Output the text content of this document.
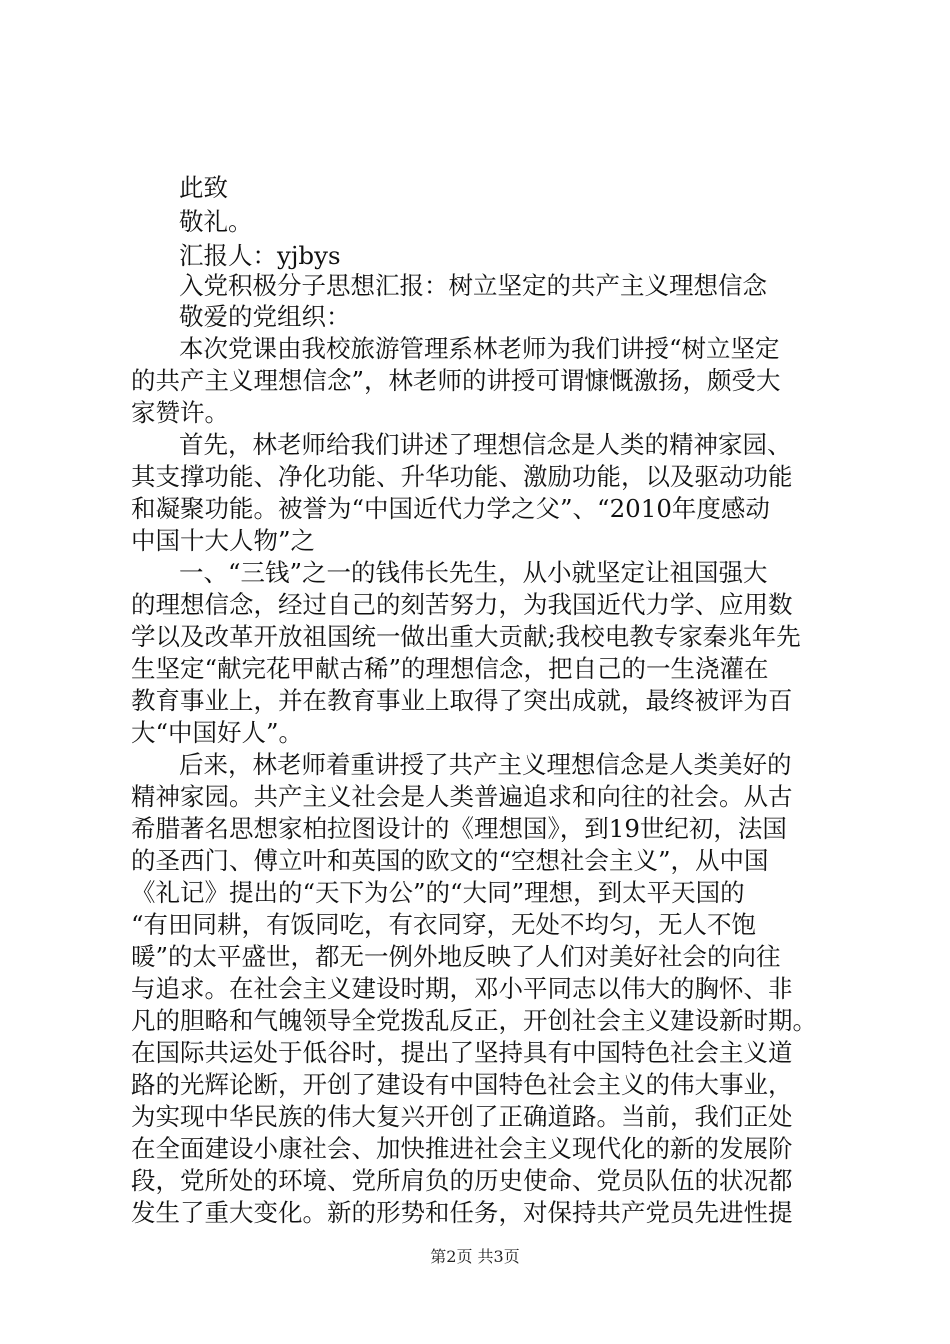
此致
敬礼。
汇报人：yjbys
入党积极分子思想汇报：树立坚定的共产主义理想信念
敬爱的党组织：
本次党课由我校旅游管理系林老师为我们讲授“树立坚定
的共产主义理想信念”，林老师的讲授可谓慷慨激扬，颇受大
家赞许。
首先，林老师给我们讲述了理想信念是人类的精神家园、
其支撑功能、净化功能、升华功能、激励功能，以及驱动功能
和凝聚功能。被誉为“中国近代力学之父”、“2010年度感动
中国十大人物”之
一、“三钱”之一的钱伟长先生，从小就坚定让祖国强大
的理想信念，经过自己的刻苦努力，为我国近代力学、应用数
学以及改革开放祖国统一做出重大贡献;我校电教专家秦兆年先
生坚定“献完花甲献古稀”的理想信念，把自己的一生浇灌在
教育事业上，并在教育事业上取得了突出成就，最终被评为百
大“中国好人”。
后来，林老师着重讲授了共产主义理想信念是人类美好的
精神家园。共产主义社会是人类普遍追求和向往的社会。从古
希腊著名思想家柏拉图设计的《理想国》，到19世纪初，法国
的圣西门、傅立叶和英国的欧文的“空想社会主义”，从中国
《礼记》提出的“天下为公”的“大同”理想，到太平天国的
“有田同耕，有饭同吃，有衣同穿，无处不均匀，无人不饱
暖”的太平盛世，都无一例外地反映了人们对美好社会的向往
与追求。在社会主义建设时期，邓小平同志以伟大的胸怀、非
凡的胆略和气魄领导全党拨乱反正，开创社会主义建设新时期。
在国际共运处于低谷时，提出了坚持具有中国特色社会主义道
路的光辉论断，开创了建设有中国特色社会主义的伟大事业，
为实现中华民族的伟大复兴开创了正确道路。当前，我们正处
在全面建设小康社会、加快推进社会主义现代化的新的发展阶
段，党所处的环境、党所肩负的历史使命、党员队伍的状况都
发生了重大变化。新的形势和任务，对保持共产党员先进性提
第2页 共3页
